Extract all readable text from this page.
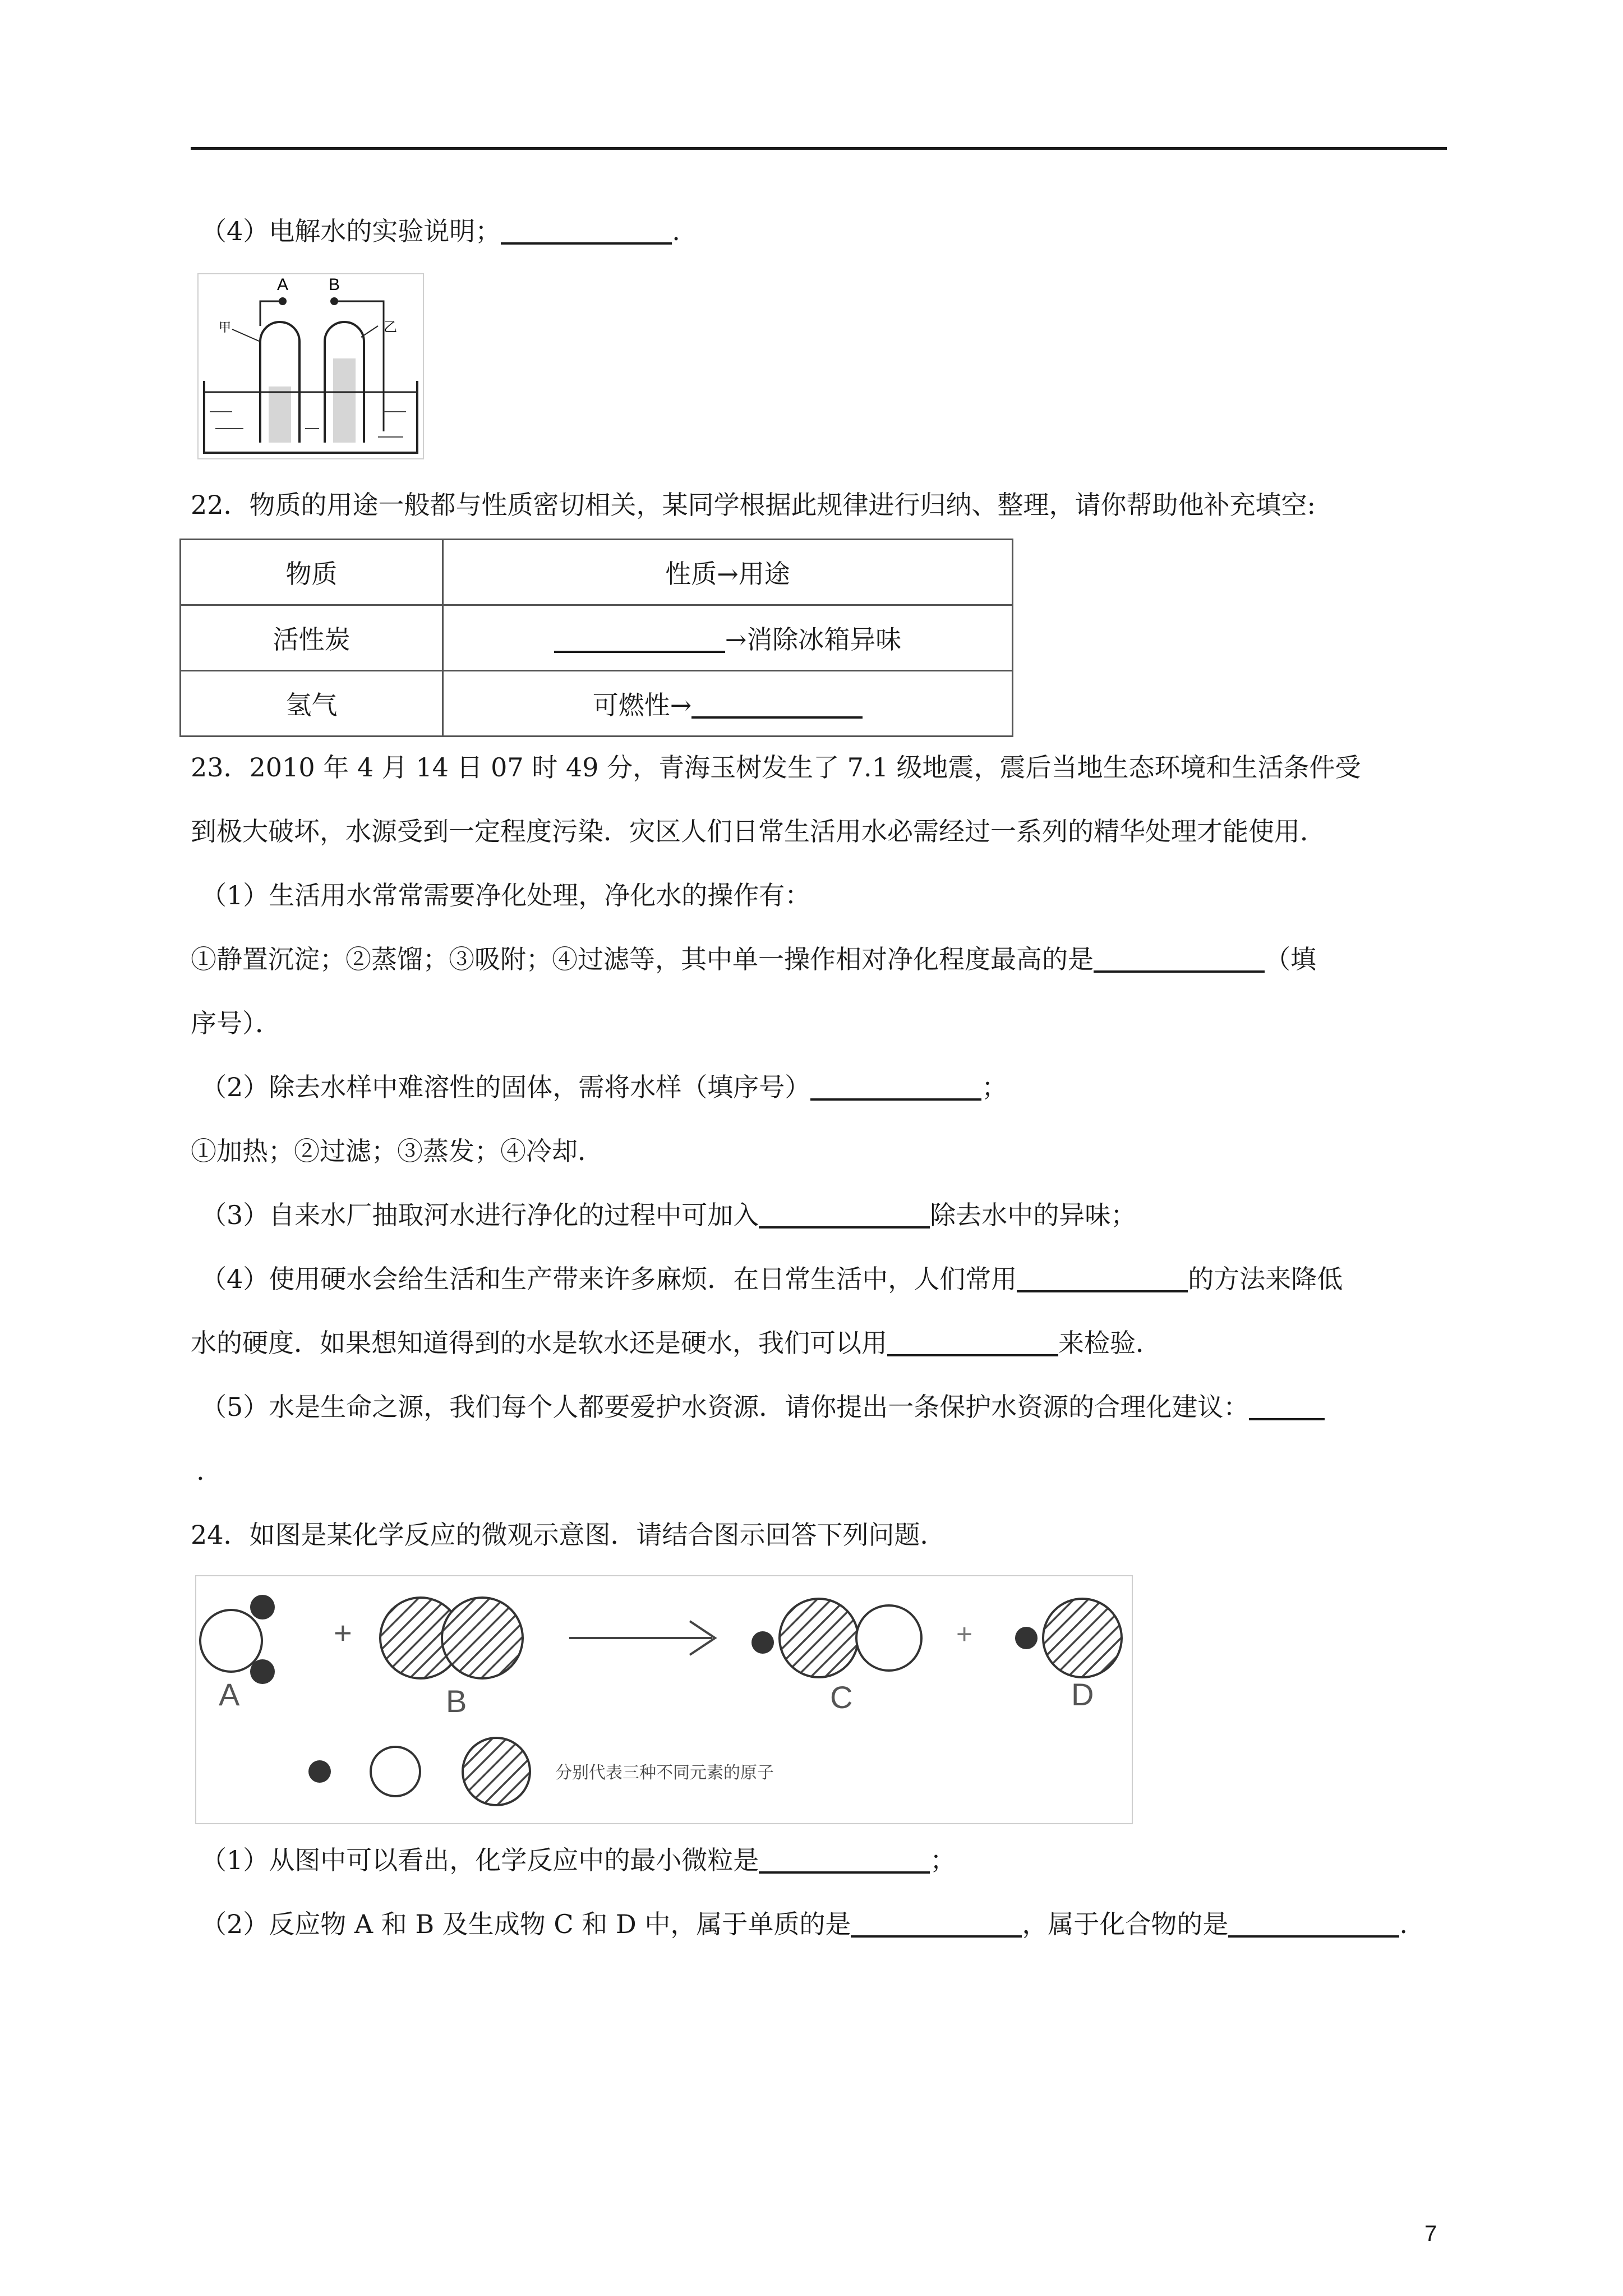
（4）电解水的实验说明；	.
A B
甲	乙
22．物质的用途一般都与性质密切相关，某同学根据此规律进行归纳、整理，请你帮助他补充填空:
物质	性质→用途
活性炭	→消除冰箱异味
氢气	可燃性→
23．2010 年 4 月 14 日 07 时 49 分，青海玉树发生了 7.1 级地震，震后当地生态环境和生活条件受
到极大破坏，水源受到一定程度污染．灾区人们日常生活用水必需经过一系列的精华处理才能使用．
（1）生活用水常常需要净化处理，净化水的操作有：
①静置沉淀；②蒸馏；③吸附；④过滤等，其中单一操作相对净化程度最高的是	（填
序号）．
（2）除去水样中难溶性的固体，需将水样（填序号）	；
①加热；②过滤；③蒸发；④冷却．
（3）自来水厂抽取河水进行净化的过程中可加入	除去水中的异味；
（4）使用硬水会给生活和生产带来许多麻烦．在日常生活中，人们常用	的方法来降低
水的硬度．如果想知道得到的水是软水还是硬水，我们可以用	来检验．
（5）水是生命之源，我们每个人都要爱护水资源．请你提出一条保护水资源的合理化建议：
.
24．如图是某化学反应的微观示意图．请结合图示回答下列问题．
+	+
A	B	C	D
分别代表三种不同元素的原子
（1）从图中可以看出，化学反应中的最小微粒是	；
（2）反应物 A 和 B 及生成物 C 和 D 中，属于单质的是	，属于化合物的是	.
7
